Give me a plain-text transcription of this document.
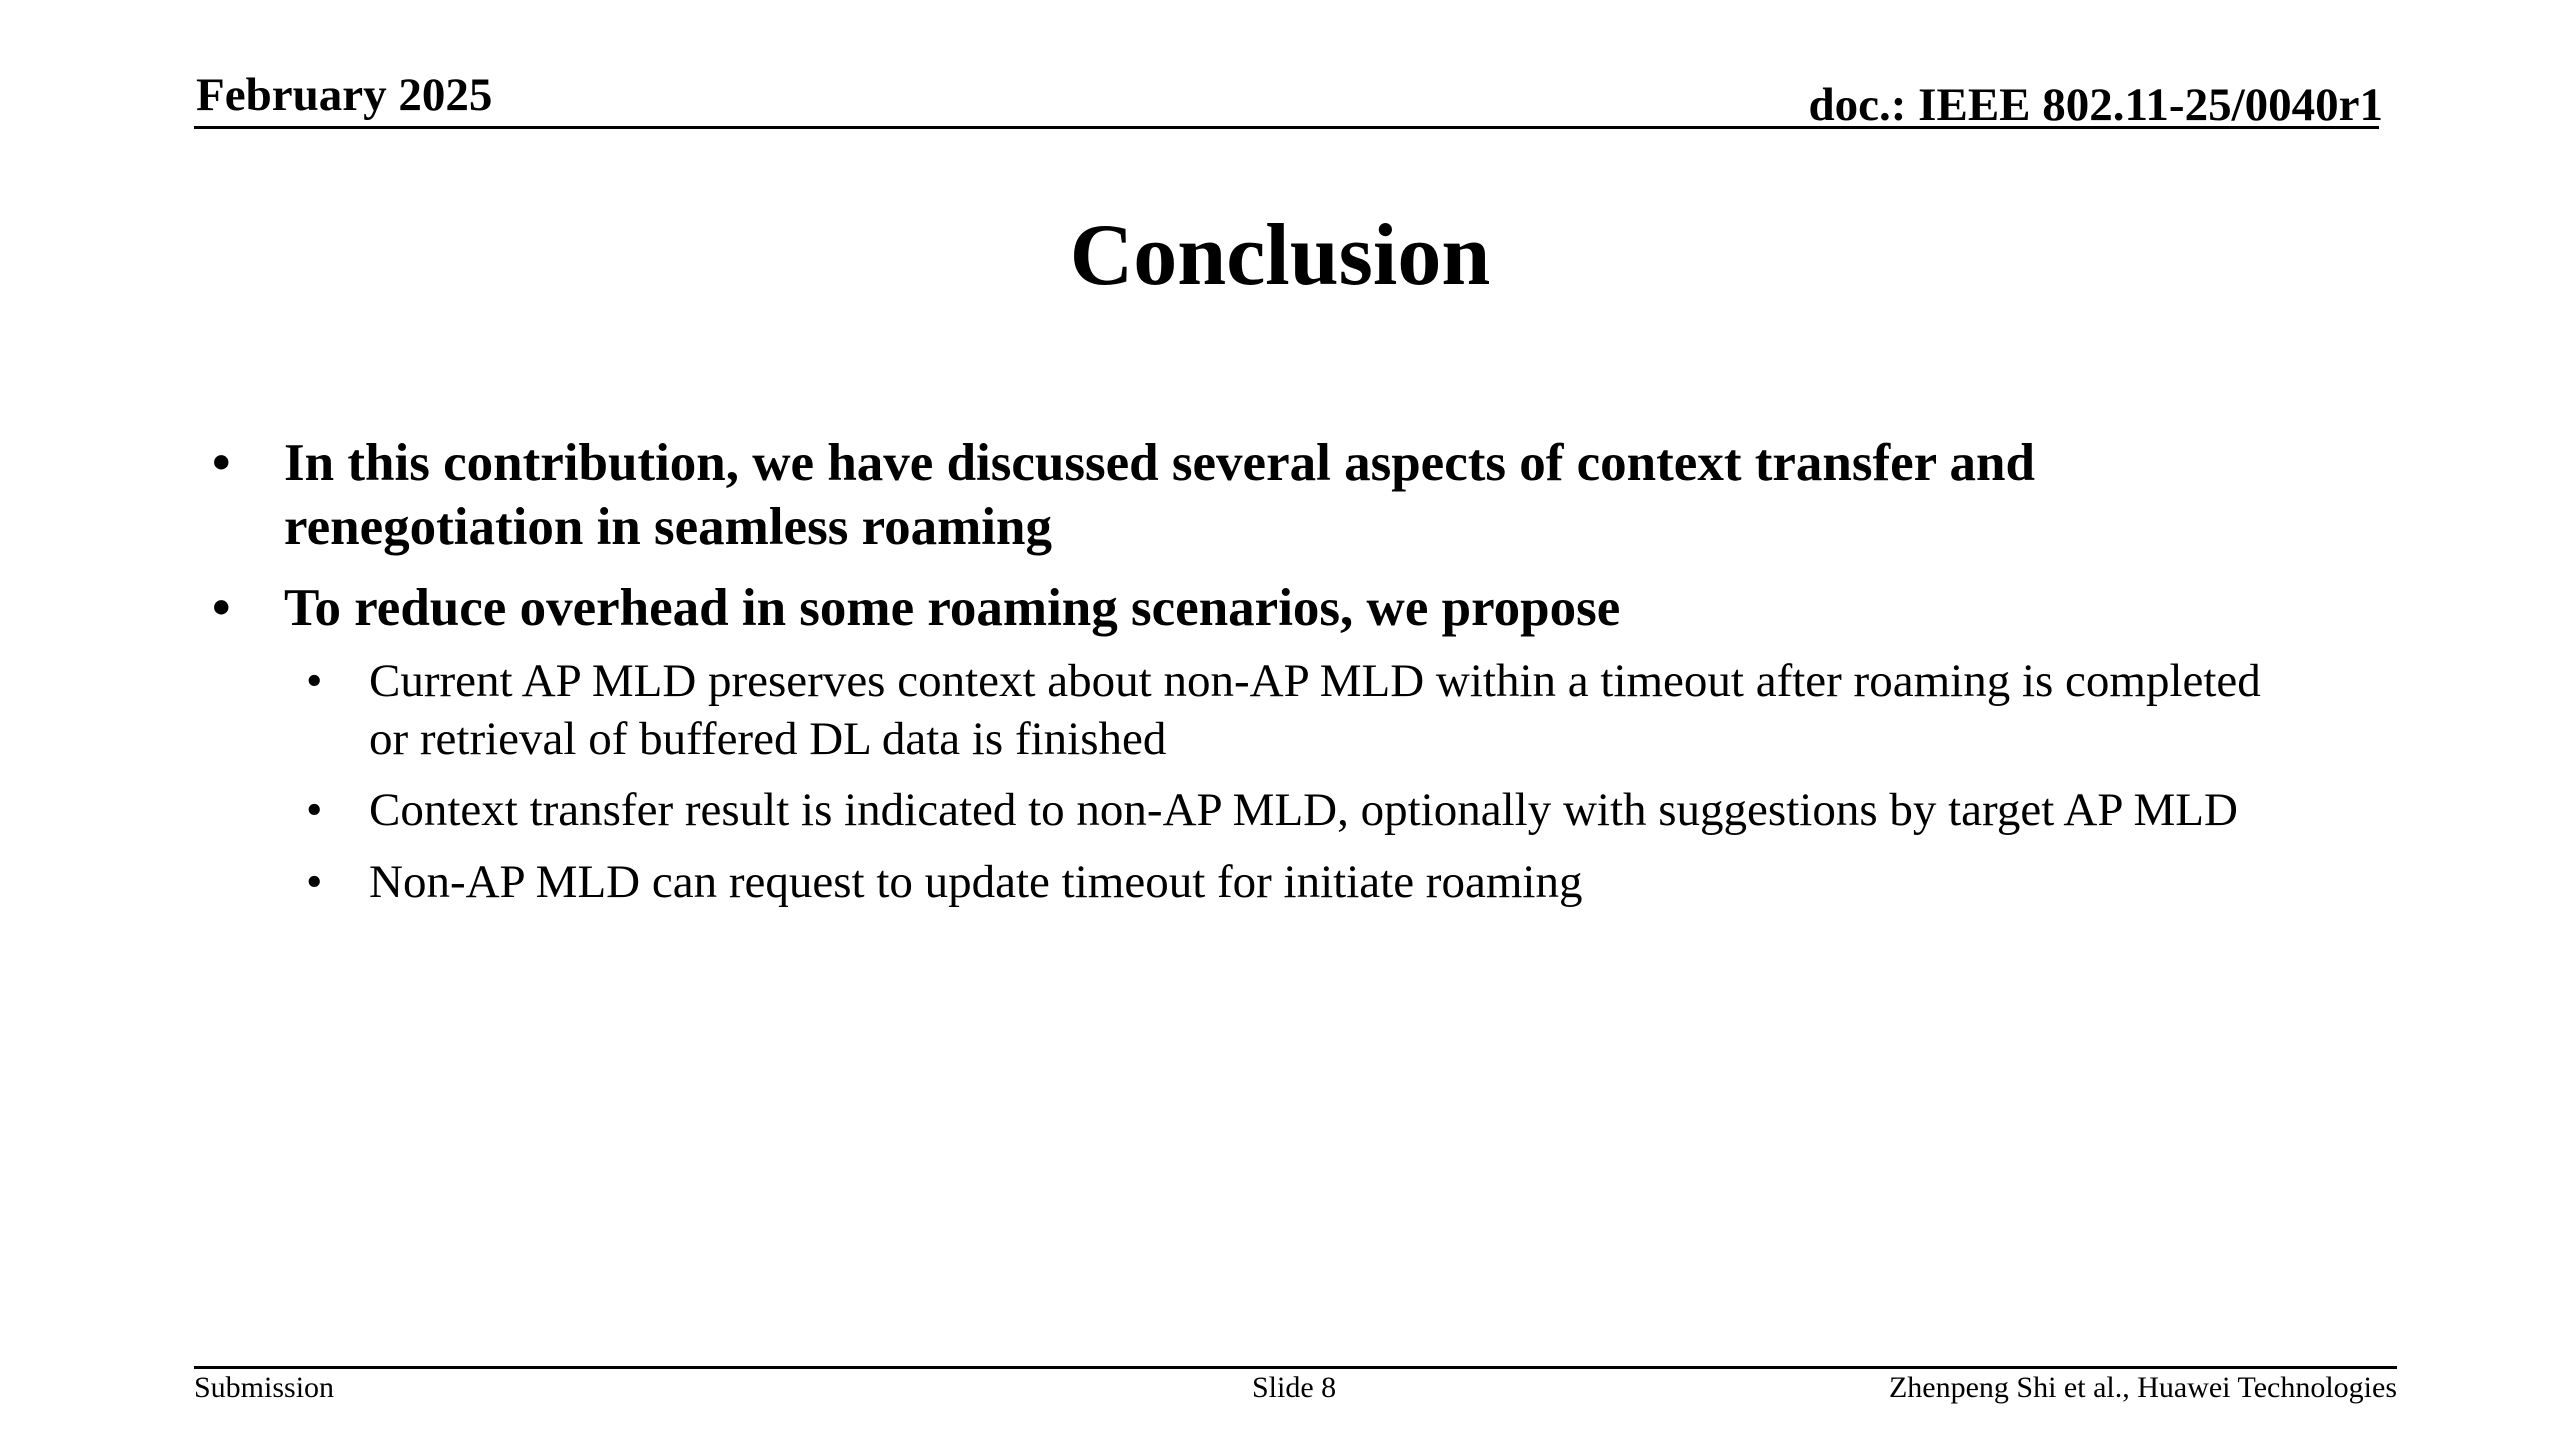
February 2025	doc.: IEEE 802.11-25/0040r1
Conclusion
• In this contribution, we have discussed several aspects of context transfer and
renegotiation in seamless roaming
• To reduce overhead in some roaming scenarios, we propose
• Current AP MLD preserves context about non-AP MLD within a timeout after roaming is completed
or retrieval of buffered DL data is finished
• Context transfer result is indicated to non-AP MLD, optionally with suggestions by target AP MLD
• Non-AP MLD can request to update timeout for initiate roaming
Submission	Slide 8	Zhenpeng Shi et al., Huawei Technologies
